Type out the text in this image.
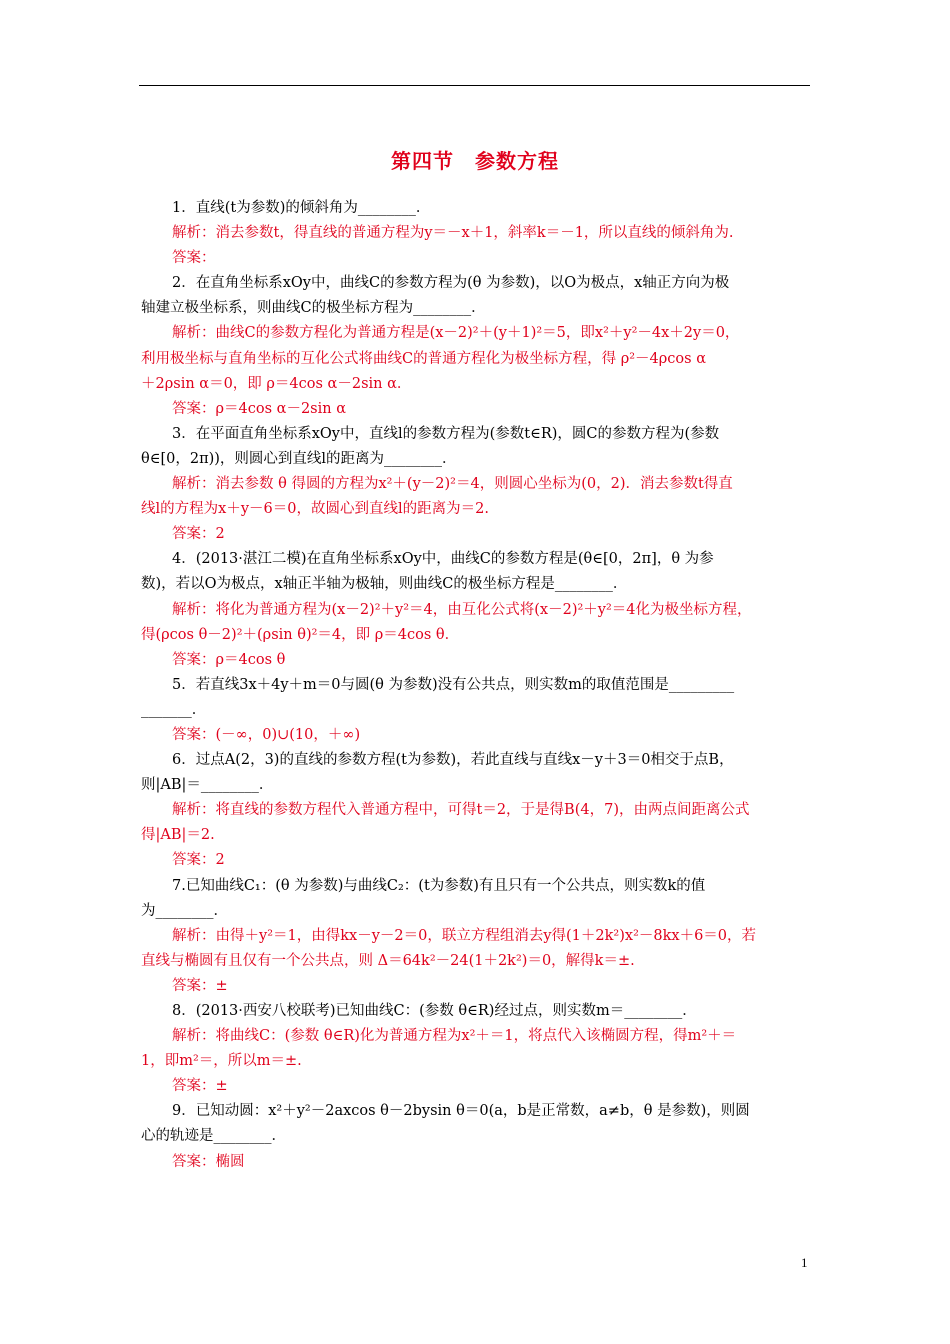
第四节　参数方程
1．直线(t为参数)的倾斜角为________．
解析：消去参数t，得直线的普通方程为y＝－x＋1，斜率k＝－1，所以直线的倾斜角为.
答案：
2．在直角坐标系xOy中，曲线C的参数方程为(θ 为参数)，以O为极点，x轴正方向为极
轴建立极坐标系，则曲线C的极坐标方程为________．
解析：曲线C的参数方程化为普通方程是(x－2)²＋(y＋1)²＝5，即x²＋y²－4x＋2y＝0，
利用极坐标与直角坐标的互化公式将曲线C的普通方程化为极坐标方程，得 ρ²－4ρcos α
＋2ρsin α＝0，即 ρ＝4cos α－2sin α．
答案：ρ＝4cos α－2sin α
3．在平面直角坐标系xOy中，直线l的参数方程为(参数t∈R)，圆C的参数方程为(参数
θ∈[0，2π))，则圆心到直线l的距离为________．
解析：消去参数 θ 得圆的方程为x²＋(y－2)²＝4，则圆心坐标为(0，2)．消去参数t得直
线l的方程为x＋y－6＝0，故圆心到直线l的距离为＝2.
答案：2
4．(2013·湛江二模)在直角坐标系xOy中，曲线C的参数方程是(θ∈[0，2π]，θ 为参
数)，若以O为极点，x轴正半轴为极轴，则曲线C的极坐标方程是________．
解析：将化为普通方程为(x－2)²＋y²＝4，由互化公式将(x－2)²＋y²＝4化为极坐标方程，
得(ρcos θ－2)²＋(ρsin θ)²＝4，即 ρ＝4cos θ．
答案：ρ＝4cos θ
5．若直线3x＋4y＋m＝0与圆(θ 为参数)没有公共点，则实数m的取值范围是_________
_______．
答案：(－∞，0)∪(10，＋∞)
6．过点A(2，3)的直线的参数方程(t为参数)，若此直线与直线x－y＋3＝0相交于点B，
则|AB|＝________．
解析：将直线的参数方程代入普通方程中，可得t＝2，于是得B(4，7)，由两点间距离公式
得|AB|＝2.
答案：2
7.已知曲线C₁：(θ 为参数)与曲线C₂：(t为参数)有且只有一个公共点，则实数k的值
为________．
解析：由得＋y²＝1，由得kx－y－2＝0，联立方程组消去y得(1＋2k²)x²－8kx＋6＝0，若
直线与椭圆有且仅有一个公共点，则 Δ＝64k²－24(1＋2k²)＝0，解得k＝±.
答案：±
8．(2013·西安八校联考)已知曲线C：(参数 θ∈R)经过点，则实数m＝________．
解析：将曲线C：(参数 θ∈R)化为普通方程为x²＋＝1，将点代入该椭圆方程，得m²＋＝
1，即m²＝，所以m＝±.
答案：±
9．已知动圆：x²＋y²－2axcos θ－2bysin θ＝0(a，b是正常数，a≠b，θ 是参数)，则圆
心的轨迹是________．
答案：椭圆
1
